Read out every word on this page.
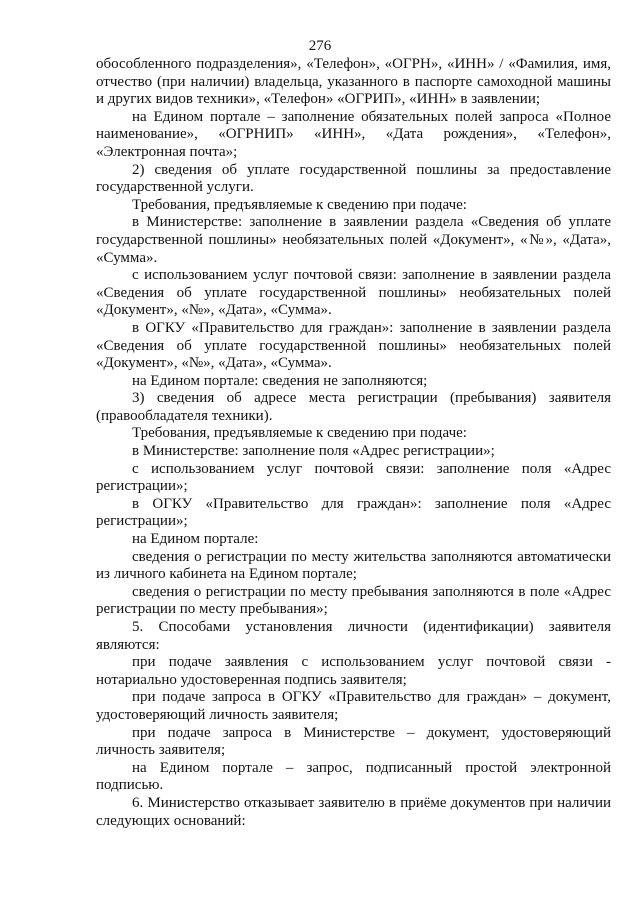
276

обособленного подразделения», «Телефон», «ОГРН», «ИНН» / «Фамилия, имя, отчество (при наличии) владельца, указанного в паспорте самоходной машины и других видов техники», «Телефон» «ОГРИП», «ИНН» в заявлении;

на Едином портале – заполнение обязательных полей запроса «Полное наименование», «ОГРНИП» «ИНН», «Дата рождения», «Телефон», «Электронная почта»;

2) сведения об уплате государственной пошлины за предоставление государственной услуги.

Требования, предъявляемые к сведению при подаче:

в Министерстве: заполнение в заявлении раздела «Сведения об уплате государственной пошлины» необязательных полей «Документ», «№», «Дата», «Сумма».

с использованием услуг почтовой связи: заполнение в заявлении раздела «Сведения об уплате государственной пошлины» необязательных полей «Документ», «№», «Дата», «Сумма».

в ОГКУ «Правительство для граждан»: заполнение в заявлении раздела «Сведения об уплате государственной пошлины» необязательных полей «Документ», «№», «Дата», «Сумма».

на Едином портале: сведения не заполняются;

3) сведения об адресе места регистрации (пребывания) заявителя (правообладателя техники).

Требования, предъявляемые к сведению при подаче:

в Министерстве: заполнение поля «Адрес регистрации»;

с использованием услуг почтовой связи: заполнение поля «Адрес регистрации»;

в ОГКУ «Правительство для граждан»: заполнение поля «Адрес регистрации»;

на Едином портале:

сведения о регистрации по месту жительства заполняются автоматически из личного кабинета на Едином портале;

сведения о регистрации по месту пребывания заполняются в поле «Адрес регистрации по месту пребывания»;

5. Способами установления личности (идентификации) заявителя являются:

при подаче заявления с использованием услуг почтовой связи - нотариально удостоверенная подпись заявителя;

при подаче запроса в ОГКУ «Правительство для граждан» – документ, удостоверяющий личность заявителя;

при подаче запроса в Министерстве – документ, удостоверяющий личность заявителя;

на Едином портале – запрос, подписанный простой электронной подписью.

6. Министерство отказывает заявителю в приёме документов при наличии следующих оснований:
